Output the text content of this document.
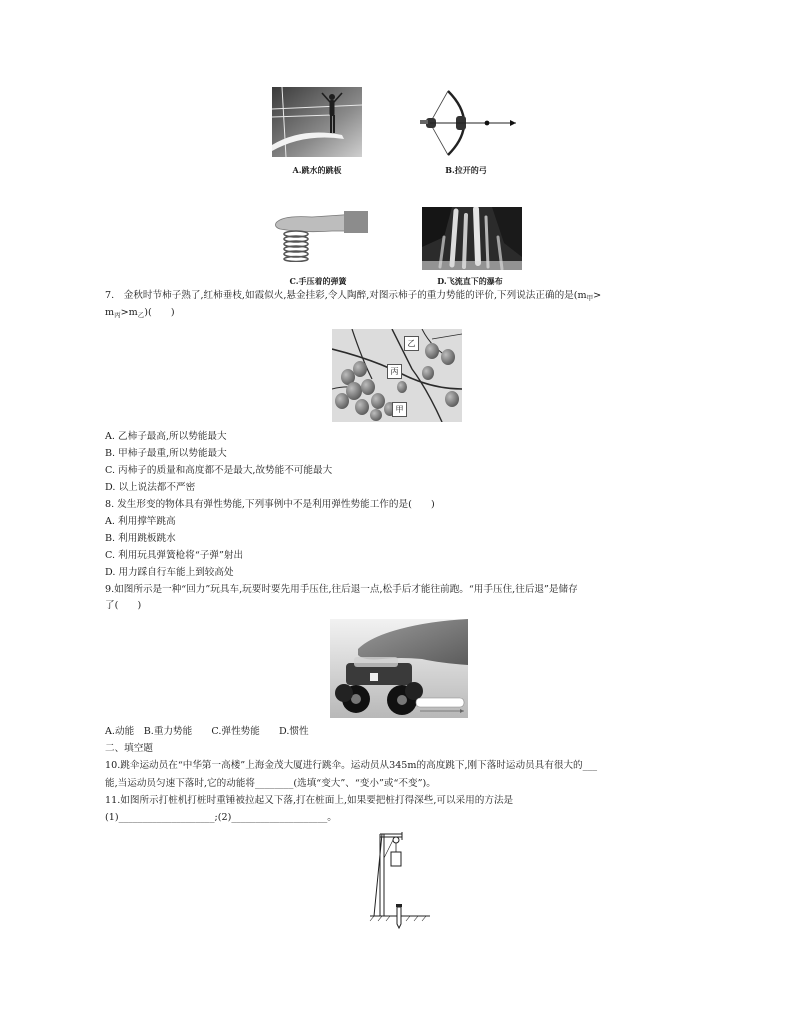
A.跳水的跳板	B.拉开的弓
C.手压着的弹簧	D.飞流直下的瀑布
7.　金秋时节柿子熟了,红柿垂枝,如霞似火,悬金挂彩,令人陶醉,对图示柿子的重力势能的评价,下列说法正确的是($m_甲>$
$m_丙>m_乙$)(　　)
乙
丙
甲
A. 乙柿子最高,所以势能最大
B. 甲柿子最重,所以势能最大
C. 丙柿子的质量和高度都不是最大,故势能不可能最大
D. 以上说法都不严密
8. 发生形变的物体具有弹性势能,下列事例中不是利用弹性势能工作的是(　　)
A. 利用撑竿跳高
B. 利用跳板跳水
C. 利用玩具弹簧枪将“子弹”射出
D. 用力踩自行车能上到较高处
9.如图所示是一种“回力”玩具车,玩要时要先用手压住,往后退一点,松手后才能往前跑。“用手压住,往后退”是储存
了(　　)
A.动能　B.重力势能　　C.弹性势能　　D.惯性
二、填空题
10.跳伞运动员在“中华第一高楼”上海金茂大厦进行跳伞。运动员从345m的高度跳下,刚下落时运动员具有很大的___
能,当运动员匀速下落时,它的动能将________(选填“变大”、“变小”或“不变”)。
11.如图所示打桩机打桩时重锤被拉起又下落,打在桩面上,如果要把桩打得深些,可以采用的方法是
(1)____________________;(2)____________________。
